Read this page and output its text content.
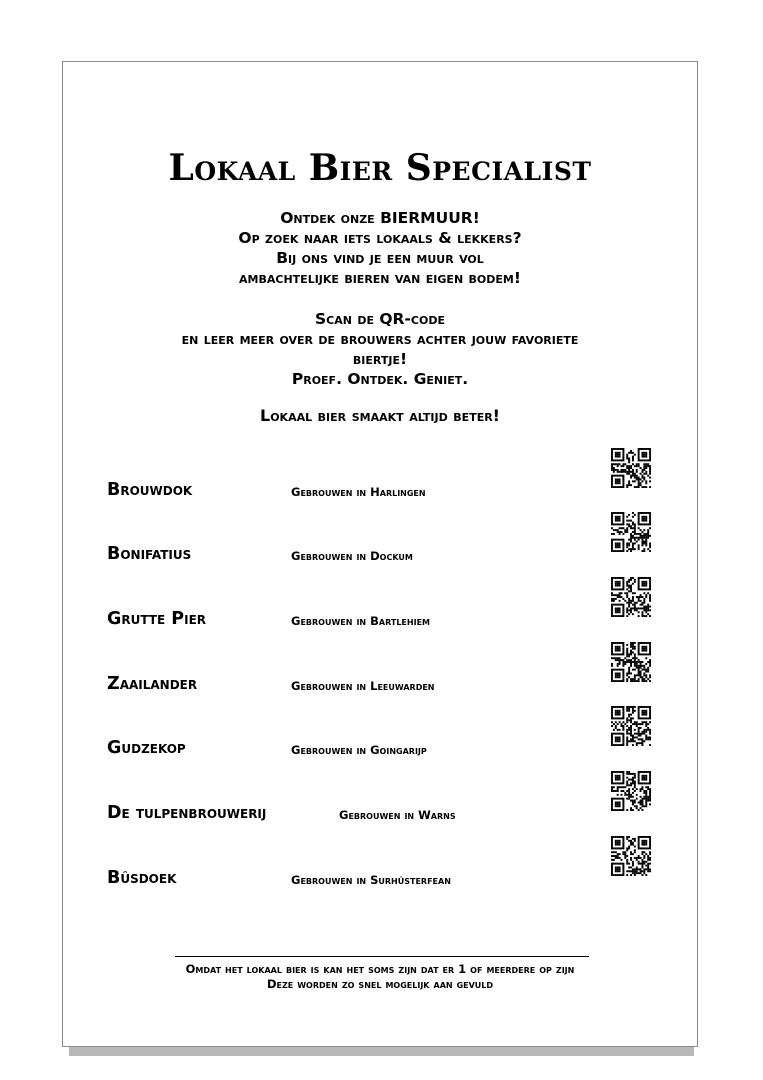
Lokaal Bier Specialist
Ontdek onze BIERMUUR!
Op zoek naar iets lokaals & lekkers?
Bij ons vind je een muur vol
ambachtelijke bieren van eigen bodem!
Scan de QR-code
en leer meer over de brouwers achter jouw favoriete
biertje!
Proef. Ontdek. Geniet.
Lokaal bier smaakt altijd beter!
Brouwdok	Gebrouwen in Harlingen
Bonifatius	Gebrouwen in Dockum
Grutte Pier	Gebrouwen in Bartlehiem
Zaailander	Gebrouwen in Leeuwarden
Gudzekop	Gebrouwen in Goingarijp
De tulpenbrouwerij	Gebrouwen in Warns
Bûsdoek	Gebrouwen in Surhûsterfean
Omdat het lokaal bier is kan het soms zijn dat er 1 of meerdere op zijn
Deze worden zo snel mogelijk aan gevuld
